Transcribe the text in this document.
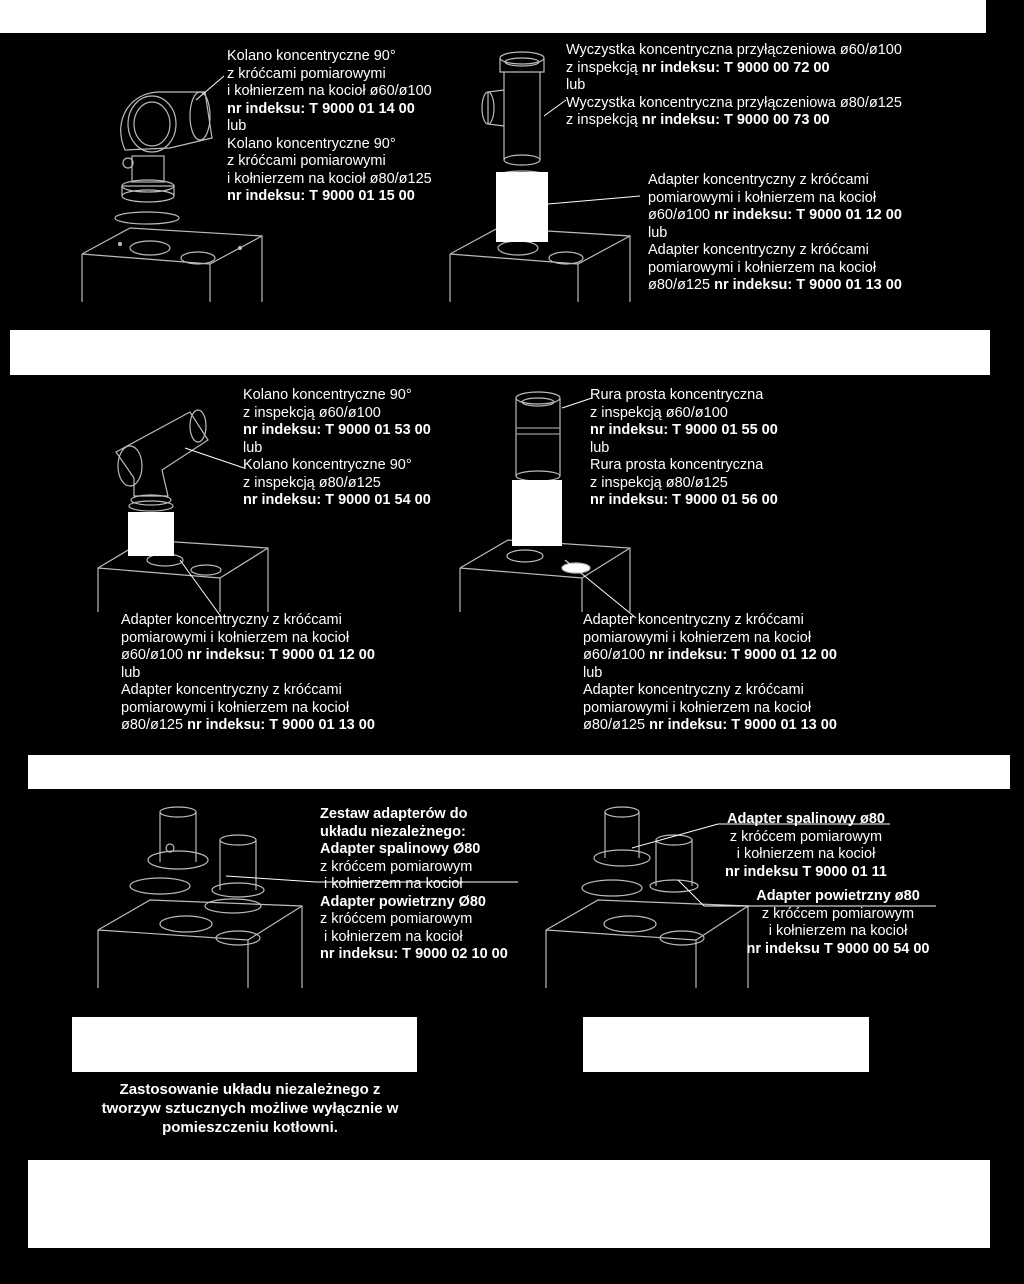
Kolano koncentryczne 90°
z króćcami pomiarowymi
i kołnierzem na kocioł ø60/ø100
nr indeksu: T 9000 01 14 00
lub
Kolano koncentryczne 90°
z króćcami pomiarowymi
i kołnierzem na kocioł ø80/ø125
nr indeksu: T 9000 01 15 00
Wyczystka koncentryczna przyłączeniowa ø60/ø100
z inspekcją nr indeksu: T 9000 00 72 00
lub
Wyczystka koncentryczna przyłączeniowa ø80/ø125
z inspekcją nr indeksu: T 9000 00 73 00
Adapter koncentryczny z króćcami
pomiarowymi i kołnierzem na kocioł
ø60/ø100 nr indeksu: T 9000 01 12 00
lub
Adapter koncentryczny z króćcami
pomiarowymi i kołnierzem na kocioł
ø80/ø125 nr indeksu: T 9000 01 13 00
Kolano koncentryczne 90°
z inspekcją ø60/ø100
nr indeksu: T 9000 01 53 00
lub
Kolano koncentryczne 90°
z inspekcją ø80/ø125
nr indeksu: T 9000 01 54 00
Rura prosta koncentryczna
z inspekcją ø60/ø100
nr indeksu: T 9000 01 55 00
lub
Rura prosta koncentryczna
z inspekcją ø80/ø125
nr indeksu: T 9000 01 56 00
Adapter koncentryczny z króćcami
pomiarowymi i kołnierzem na kocioł
ø60/ø100 nr indeksu: T 9000 01 12 00
lub
Adapter koncentryczny z króćcami
pomiarowymi i kołnierzem na kocioł
ø80/ø125 nr indeksu: T 9000 01 13 00
Adapter koncentryczny z króćcami
pomiarowymi i kołnierzem na kocioł
ø60/ø100 nr indeksu: T 9000 01 12 00
lub
Adapter koncentryczny z króćcami
pomiarowymi i kołnierzem na kocioł
ø80/ø125 nr indeksu: T 9000 01 13 00
Zestaw adapterów do
układu niezależnego:
Adapter spalinowy Ø80
z króćcem pomiarowym
i kołnierzem na kocioł
Adapter powietrzny Ø80
z króćcem pomiarowym
i kołnierzem na kocioł
nr indeksu: T 9000 02 10 00
Adapter spalinowy ø80
z króćcem pomiarowym
i kołnierzem na kocioł
nr indeksu T 9000 01 11
Adapter powietrzny ø80
z króćcem pomiarowym
i kołnierzem na kocioł
nr indeksu T 9000 00 54 00
Zastosowanie układu niezależnego z
tworzyw sztucznych możliwe wyłącznie w
pomieszczeniu kotłowni.
